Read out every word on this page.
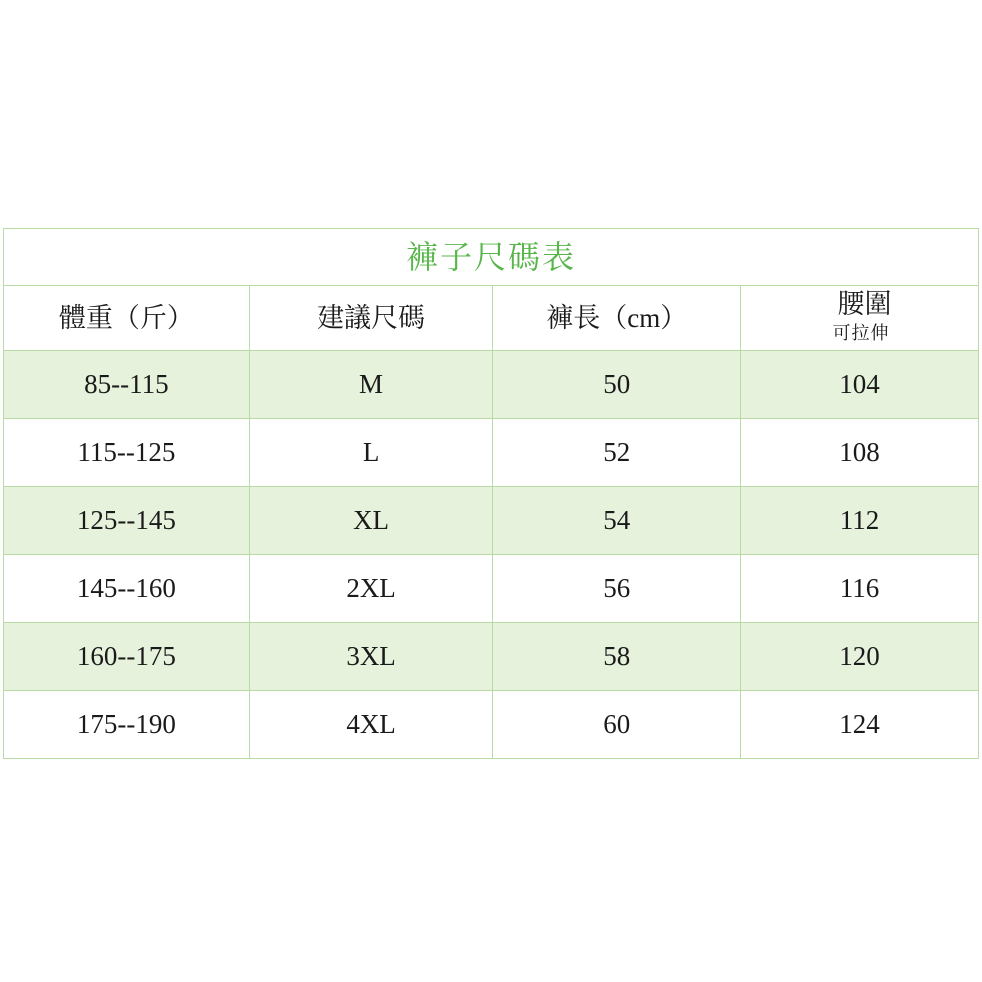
褲子尺碼表			

體重（斤）	建議尺碼	褲長（cm）	腰圍
可拉伸

85--115	M	50	104
115--125	L	52	108
125--145	XL	54	112
145--160	2XL	56	116
160--175	3XL	58	120
175--190	4XL	60	124
